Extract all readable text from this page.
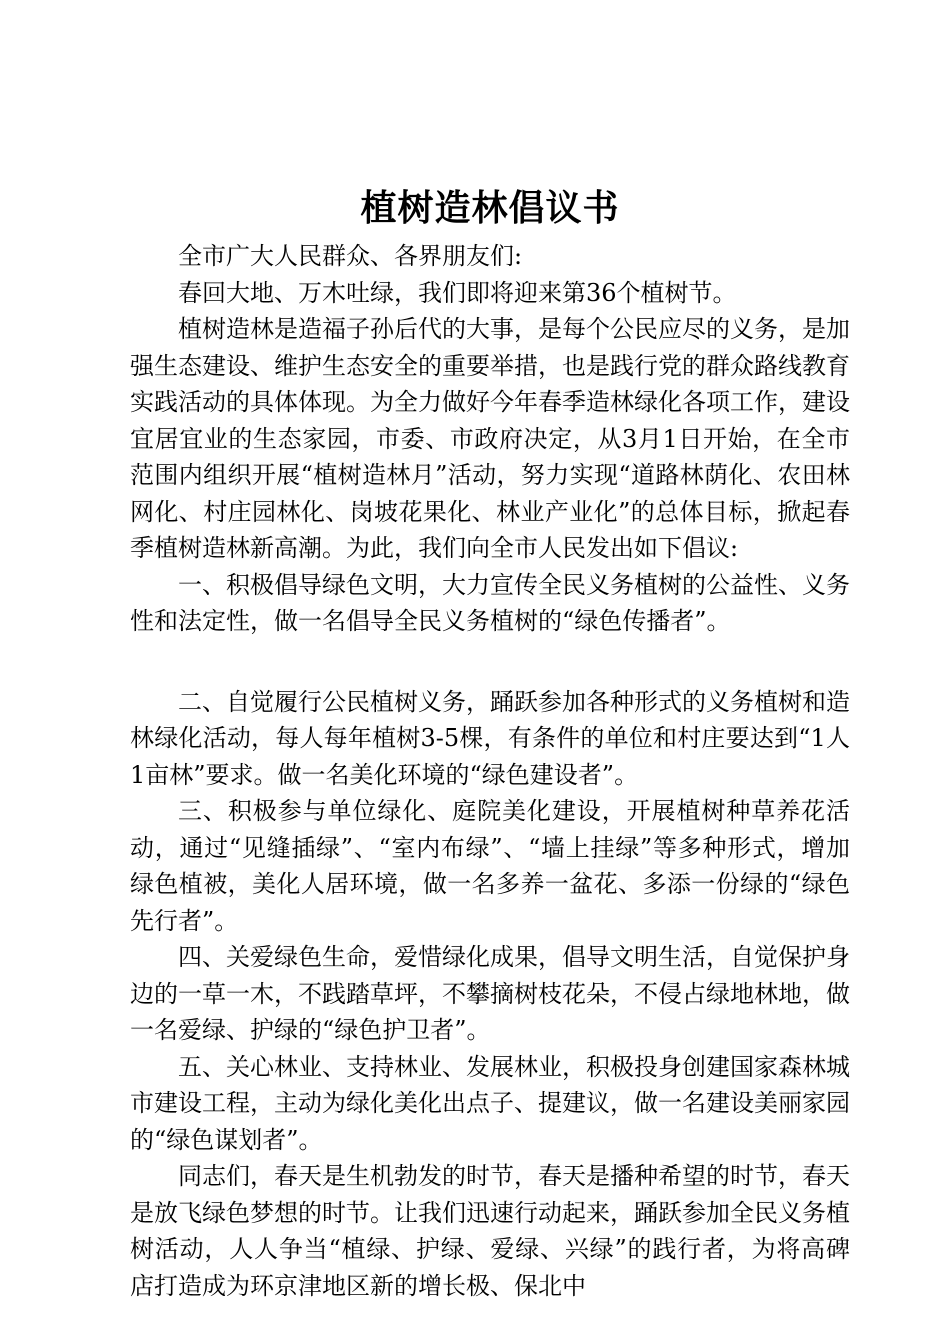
植树造林倡议书

全市广大人民群众、各界朋友们:

春回大地、万木吐绿，我们即将迎来第36个植树节。

植树造林是造福子孙后代的大事，是每个公民应尽的义务，是加强生态建设、维护生态安全的重要举措，也是践行党的群众路线教育实践活动的具体体现。为全力做好今年春季造林绿化各项工作，建设宜居宜业的生态家园，市委、市政府决定，从3月1日开始，在全市范围内组织开展“植树造林月”活动，努力实现“道路林荫化、农田林网化、村庄园林化、岗坡花果化、林业产业化”的总体目标，掀起春季植树造林新高潮。为此，我们向全市人民发出如下倡议:

一、积极倡导绿色文明，大力宣传全民义务植树的公益性、义务性和法定性，做一名倡导全民义务植树的“绿色传播者”。

二、自觉履行公民植树义务，踊跃参加各种形式的义务植树和造林绿化活动，每人每年植树3-5棵，有条件的单位和村庄要达到“1人1亩林”要求。做一名美化环境的“绿色建设者”。

三、积极参与单位绿化、庭院美化建设，开展植树种草养花活动，通过“见缝插绿”、“室内布绿”、“墙上挂绿”等多种形式，增加绿色植被，美化人居环境，做一名多养一盆花、多添一份绿的“绿色先行者”。

四、关爱绿色生命，爱惜绿化成果，倡导文明生活，自觉保护身边的一草一木，不践踏草坪，不攀摘树枝花朵，不侵占绿地林地，做一名爱绿、护绿的“绿色护卫者”。

五、关心林业、支持林业、发展林业，积极投身创建国家森林城市建设工程，主动为绿化美化出点子、提建议，做一名建设美丽家园的“绿色谋划者”。

同志们，春天是生机勃发的时节，春天是播种希望的时节，春天是放飞绿色梦想的时节。让我们迅速行动起来，踊跃参加全民义务植树活动，人人争当“植绿、护绿、爱绿、兴绿”的践行者，为将高碑店打造成为环京津地区新的增长极、保北中
